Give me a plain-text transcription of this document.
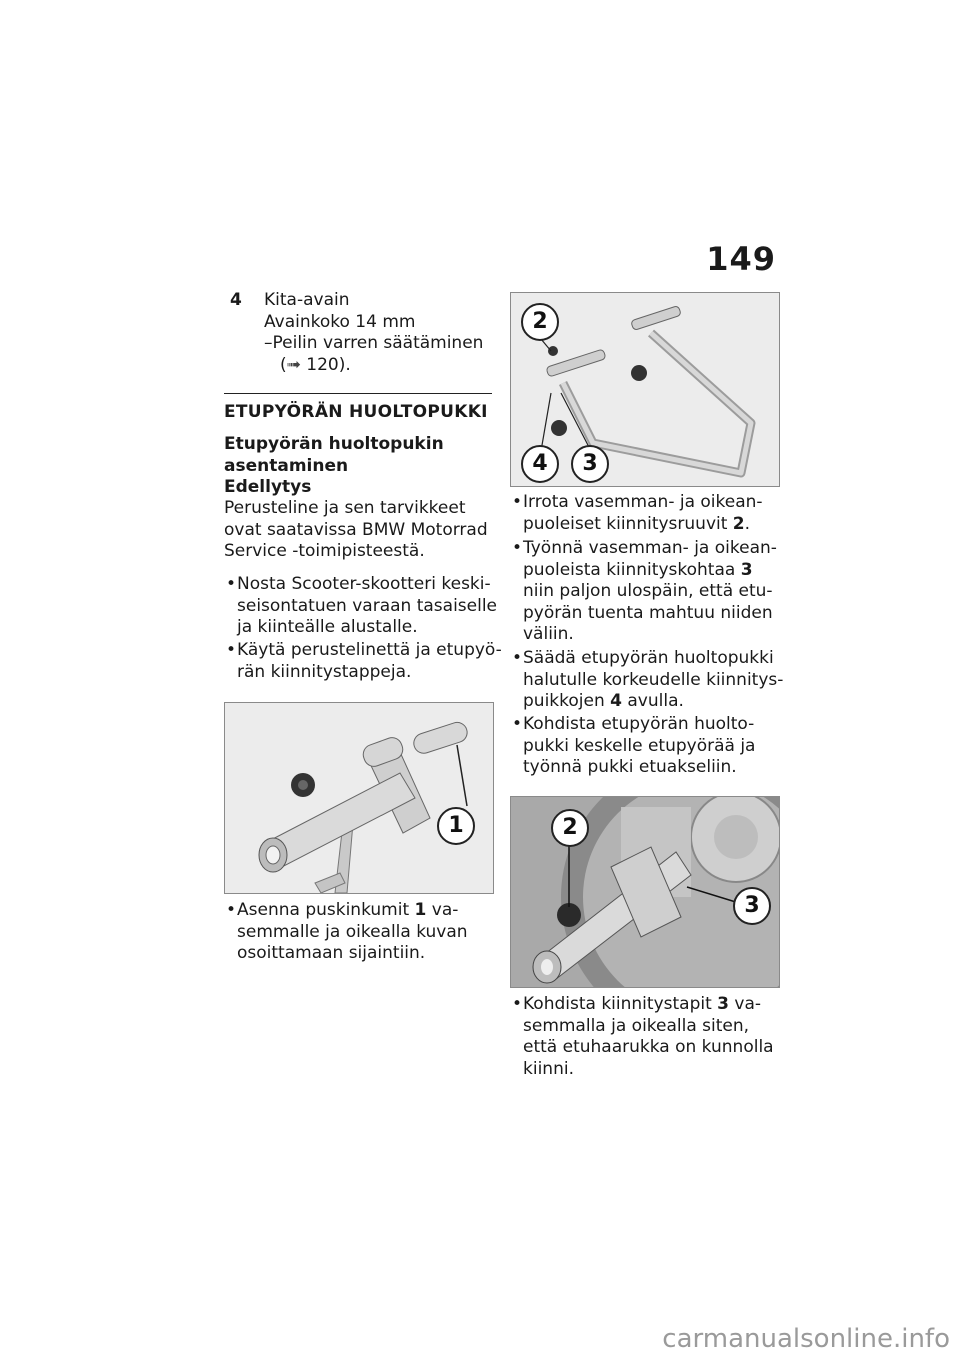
149
4 Kita-avain
Avainkoko 14 mm
–Peilin varren säätäminen
(➟ 120).
ETUPYÖRÄN HUOLTOPUKKI
Etupyörän huoltopukin
asentaminen
Edellytys
Perusteline ja sen tarvikkeet
ovat saatavissa BMW Motorrad
Service -toimipisteestä.
• Nosta Scooter-skootteri keski-
seisontatuen varaan tasaiselle
ja kiinteälle alustalle.
• Käytä perustelinettä ja etupyö-
rän kiinnitystappeja.
1
• Asenna puskinkumit 1 va-
semmalle ja oikealla kuvan
osoittamaan sijaintiin.
2
4	3
• Irrota vasemman- ja oikean-
puoleiset kiinnitysruuvit 2.
• Työnnä vasemman- ja oikean-
puoleista kiinnityskohtaa 3
niin paljon ulospäin, että etu-
pyörän tuenta mahtuu niiden
väliin.
• Säädä etupyörän huoltopukki
halutulle korkeudelle kiinnitys-
puikkojen 4 avulla.
• Kohdista etupyörän huolto-
pukki keskelle etupyörää ja
työnnä pukki etuakseliin.
2
3
• Kohdista kiinnitystapit 3 va-
semmalla ja oikealla siten,
että etuhaarukka on kunnolla
kiinni.
carmanualsonline.info
